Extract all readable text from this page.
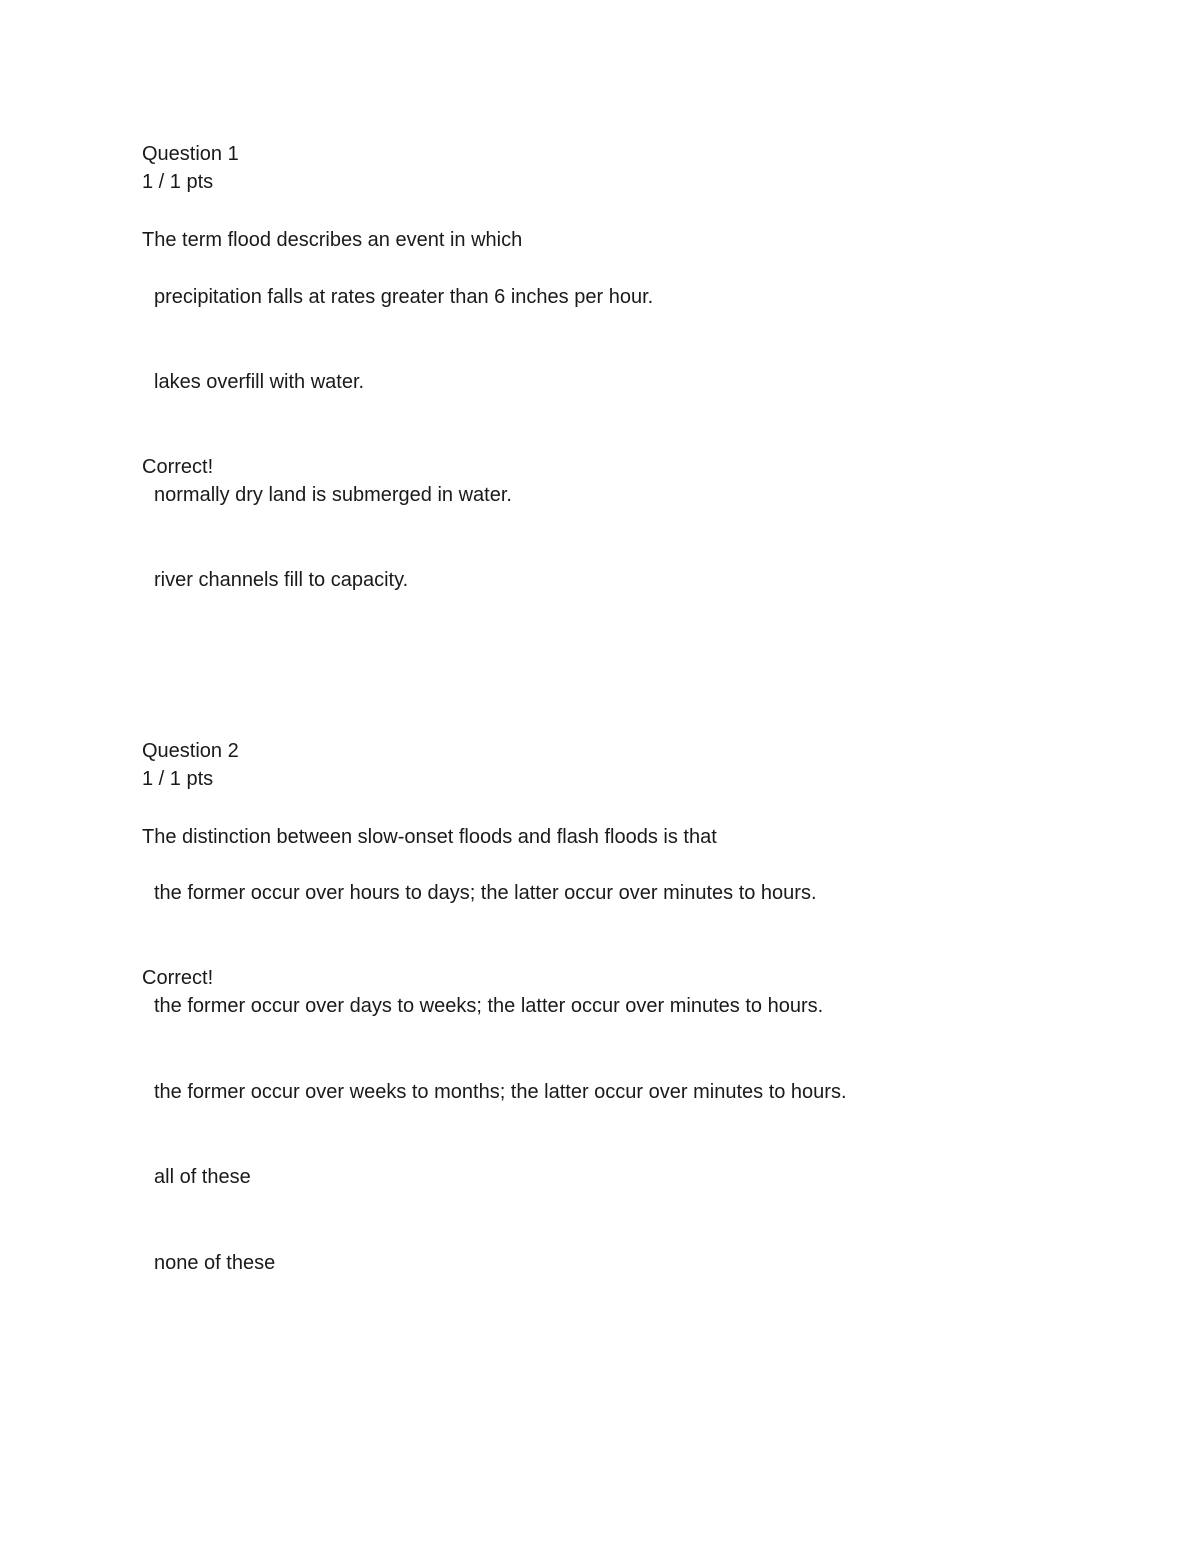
Question 1
1 / 1 pts
The term flood describes an event in which
precipitation falls at rates greater than 6 inches per hour.
lakes overfill with water.
Correct!
normally dry land is submerged in water.
river channels fill to capacity.
Question 2
1 / 1 pts
The distinction between slow-onset floods and flash floods is that
the former occur over hours to days; the latter occur over minutes to hours.
Correct!
the former occur over days to weeks; the latter occur over minutes to hours.
the former occur over weeks to months; the latter occur over minutes to hours.
all of these
none of these
